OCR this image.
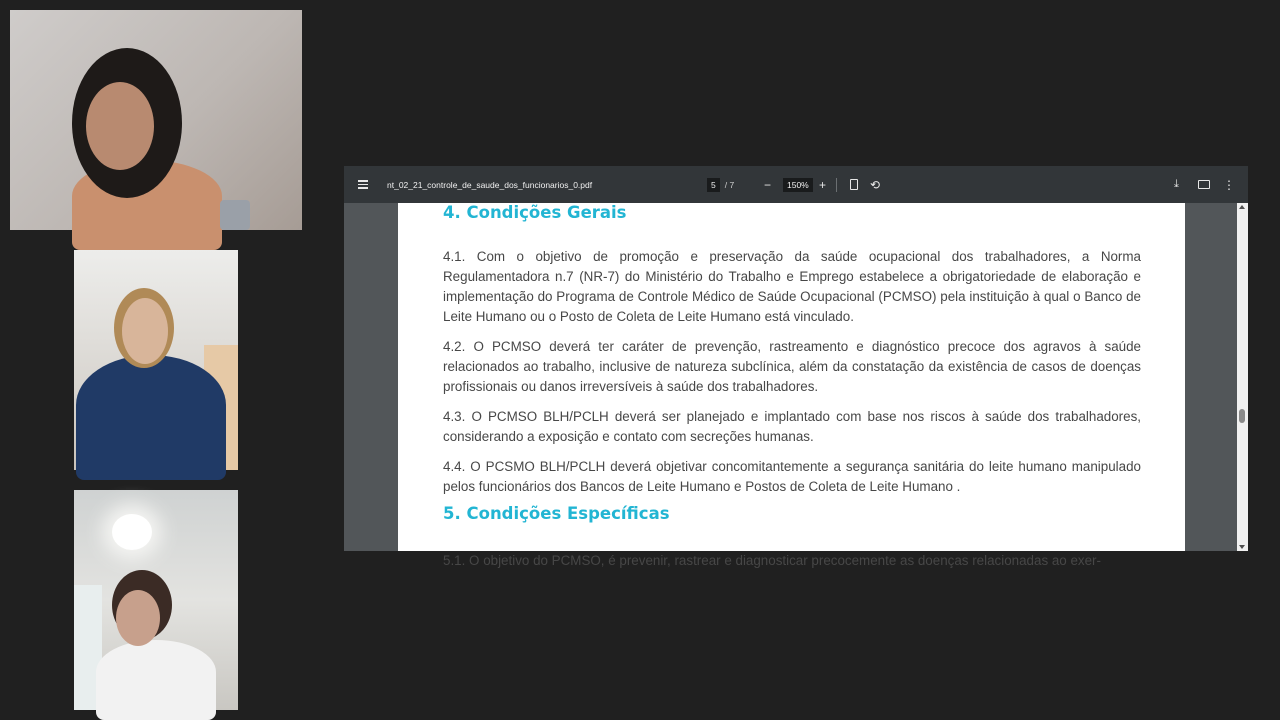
nt_02_21_controle_de_saude_dos_funcionarios_0.pdf	5	/ 7 −	150% +	⟲	⤓	⋮
4. Condições Gerais

4.1. Com o objetivo de promoção e preservação da saúde ocupacional dos trabalhadores, a Norma Regulamentadora n.7 (NR-7) do Ministério do Trabalho e Emprego estabelece a obrigatoriedade de elaboração e implementação do Programa de Controle Médico de Saúde Ocupacional (PCMSO) pela instituição à qual o Banco de Leite Humano ou o Posto de Coleta de Leite Humano está vinculado.

4.2. O PCMSO deverá ter caráter de prevenção, rastreamento e diagnóstico precoce dos agravos à saúde relacionados ao trabalho, inclusive de natureza subclínica, além da constatação da existência de casos de doenças profissionais ou danos irreversíveis à saúde dos trabalhadores.

4.3. O PCMSO BLH/PCLH deverá ser planejado e implantado com base nos riscos à saúde dos trabalhadores, considerando a exposição e contato com secreções humanas.

4.4. O PCSMO BLH/PCLH deverá objetivar concomitantemente a segurança sanitária do leite humano manipulado pelos funcionários dos Bancos de Leite Humano e Postos de Coleta de Leite Humano .

5. Condições Específicas

5.1. O objetivo do PCMSO, é prevenir, rastrear e diagnosticar precocemente as doenças relacionadas ao exer-
